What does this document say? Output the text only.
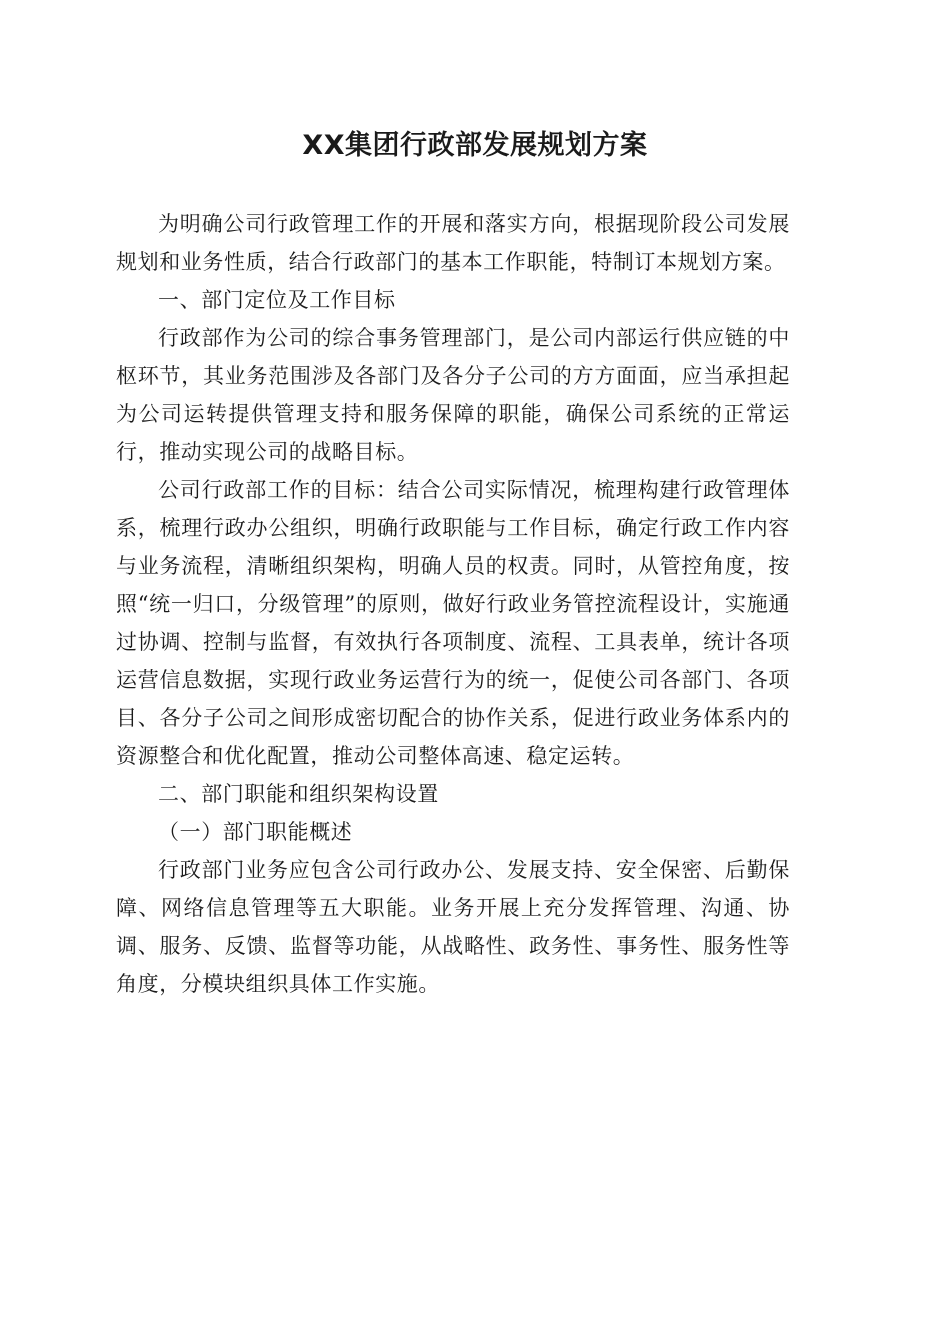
XX集团行政部发展规划方案

为明确公司行政管理工作的开展和落实方向，根据现阶段公司发展规划和业务性质，结合行政部门的基本工作职能，特制订本规划方案。

一、部门定位及工作目标

行政部作为公司的综合事务管理部门，是公司内部运行供应链的中枢环节，其业务范围涉及各部门及各分子公司的方方面面，应当承担起为公司运转提供管理支持和服务保障的职能，确保公司系统的正常运行，推动实现公司的战略目标。

公司行政部工作的目标：结合公司实际情况，梳理构建行政管理体系，梳理行政办公组织，明确行政职能与工作目标，确定行政工作内容与业务流程，清晰组织架构，明确人员的权责。同时，从管控角度，按照“统一归口，分级管理”的原则，做好行政业务管控流程设计，实施通过协调、控制与监督，有效执行各项制度、流程、工具表单，统计各项运营信息数据，实现行政业务运营行为的统一，促使公司各部门、各项目、各分子公司之间形成密切配合的协作关系，促进行政业务体系内的资源整合和优化配置，推动公司整体高速、稳定运转。

二、部门职能和组织架构设置

（一）部门职能概述

行政部门业务应包含公司行政办公、发展支持、安全保密、后勤保障、网络信息管理等五大职能。业务开展上充分发挥管理、沟通、协调、服务、反馈、监督等功能，从战略性、政务性、事务性、服务性等角度，分模块组织具体工作实施。
